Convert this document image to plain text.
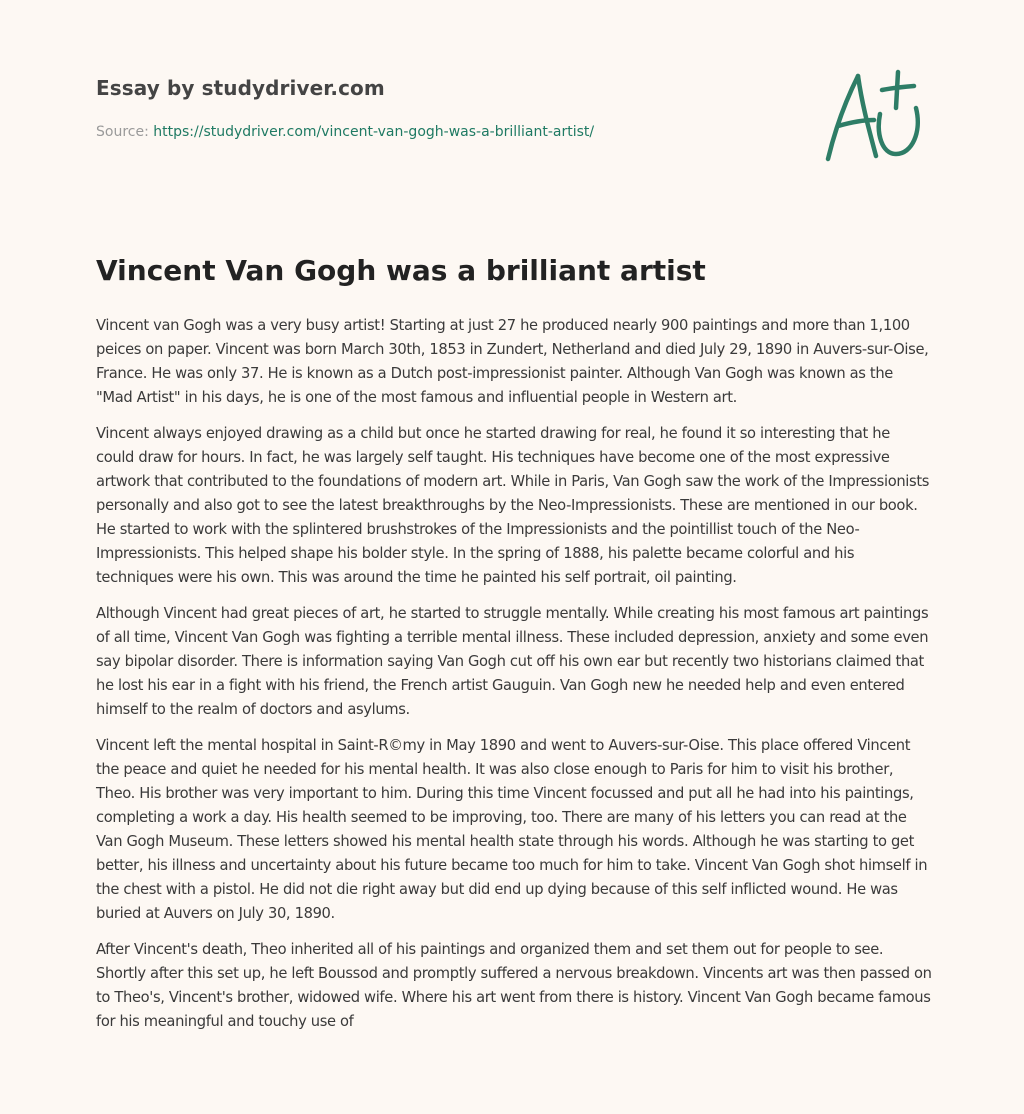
Essay by studydriver.com
Source: https://studydriver.com/vincent-van-gogh-was-a-brilliant-artist/
Vincent Van Gogh was a brilliant artist

Vincent van Gogh was a very busy artist! Starting at just 27 he produced nearly 900 paintings and more than 1,100 peices on paper. Vincent was born March 30th, 1853 in Zundert, Netherland and died July 29, 1890 in Auvers-sur-Oise, France. He was only 37. He is known as a Dutch post-impressionist painter. Although Van Gogh was known as the "Mad Artist" in his days, he is one of the most famous and influential people in Western art.

Vincent always enjoyed drawing as a child but once he started drawing for real, he found it so interesting that he could draw for hours. In fact, he was largely self taught. His techniques have become one of the most expressive artwork that contributed to the foundations of modern art. While in Paris, Van Gogh saw the work of the Impressionists personally and also got to see the latest breakthroughs by the Neo-Impressionists. These are mentioned in our book. He started to work with the splintered brushstrokes of the Impressionists and the pointillist touch of the Neo-Impressionists. This helped shape his bolder style. In the spring of 1888, his palette became colorful and his techniques were his own. This was around the time he painted his self portrait, oil painting.

Although Vincent had great pieces of art, he started to struggle mentally. While creating his most famous art paintings of all time, Vincent Van Gogh was fighting a terrible mental illness. These included depression, anxiety and some even say bipolar disorder. There is information saying Van Gogh cut off his own ear but recently two historians claimed that he lost his ear in a fight with his friend, the French artist Gauguin. Van Gogh new he needed help and even entered himself to the realm of doctors and asylums.

Vincent left the mental hospital in Saint-R©my in May 1890 and went to Auvers-sur-Oise. This place offered Vincent the peace and quiet he needed for his mental health. It was also close enough to Paris for him to visit his brother, Theo. His brother was very important to him. During this time Vincent focussed and put all he had into his paintings, completing a work a day. His health seemed to be improving, too. There are many of his letters you can read at the Van Gogh Museum. These letters showed his mental health state through his words. Although he was starting to get better, his illness and uncertainty about his future became too much for him to take. Vincent Van Gogh shot himself in the chest with a pistol. He did not die right away but did end up dying because of this self inflicted wound. He was buried at Auvers on July 30, 1890.

After Vincent's death, Theo inherited all of his paintings and organized them and set them out for people to see. Shortly after this set up, he left Boussod and promptly suffered a nervous breakdown. Vincents art was then passed on to Theo's, Vincent's brother, widowed wife. Where his art went from there is history. Vincent Van Gogh became famous for his meaningful and touchy use of
